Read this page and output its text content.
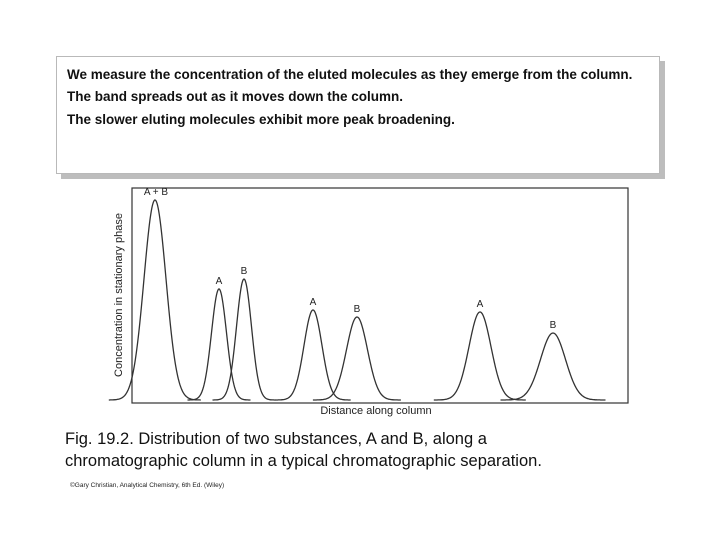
We measure the concentration of the eluted molecules as they emerge from the column.

The band spreads out as it moves down the column.

The slower eluting molecules exhibit more peak broadening.

Concentration in stationary phase
Distance along column
A + B
A
B
A
B	A
B
Fig. 19.2. Distribution of two substances, A and B, along a
chromatographic column in a typical chromatographic separation.
©Gary Christian, Analytical Chemistry, 6th Ed. (Wiley)
